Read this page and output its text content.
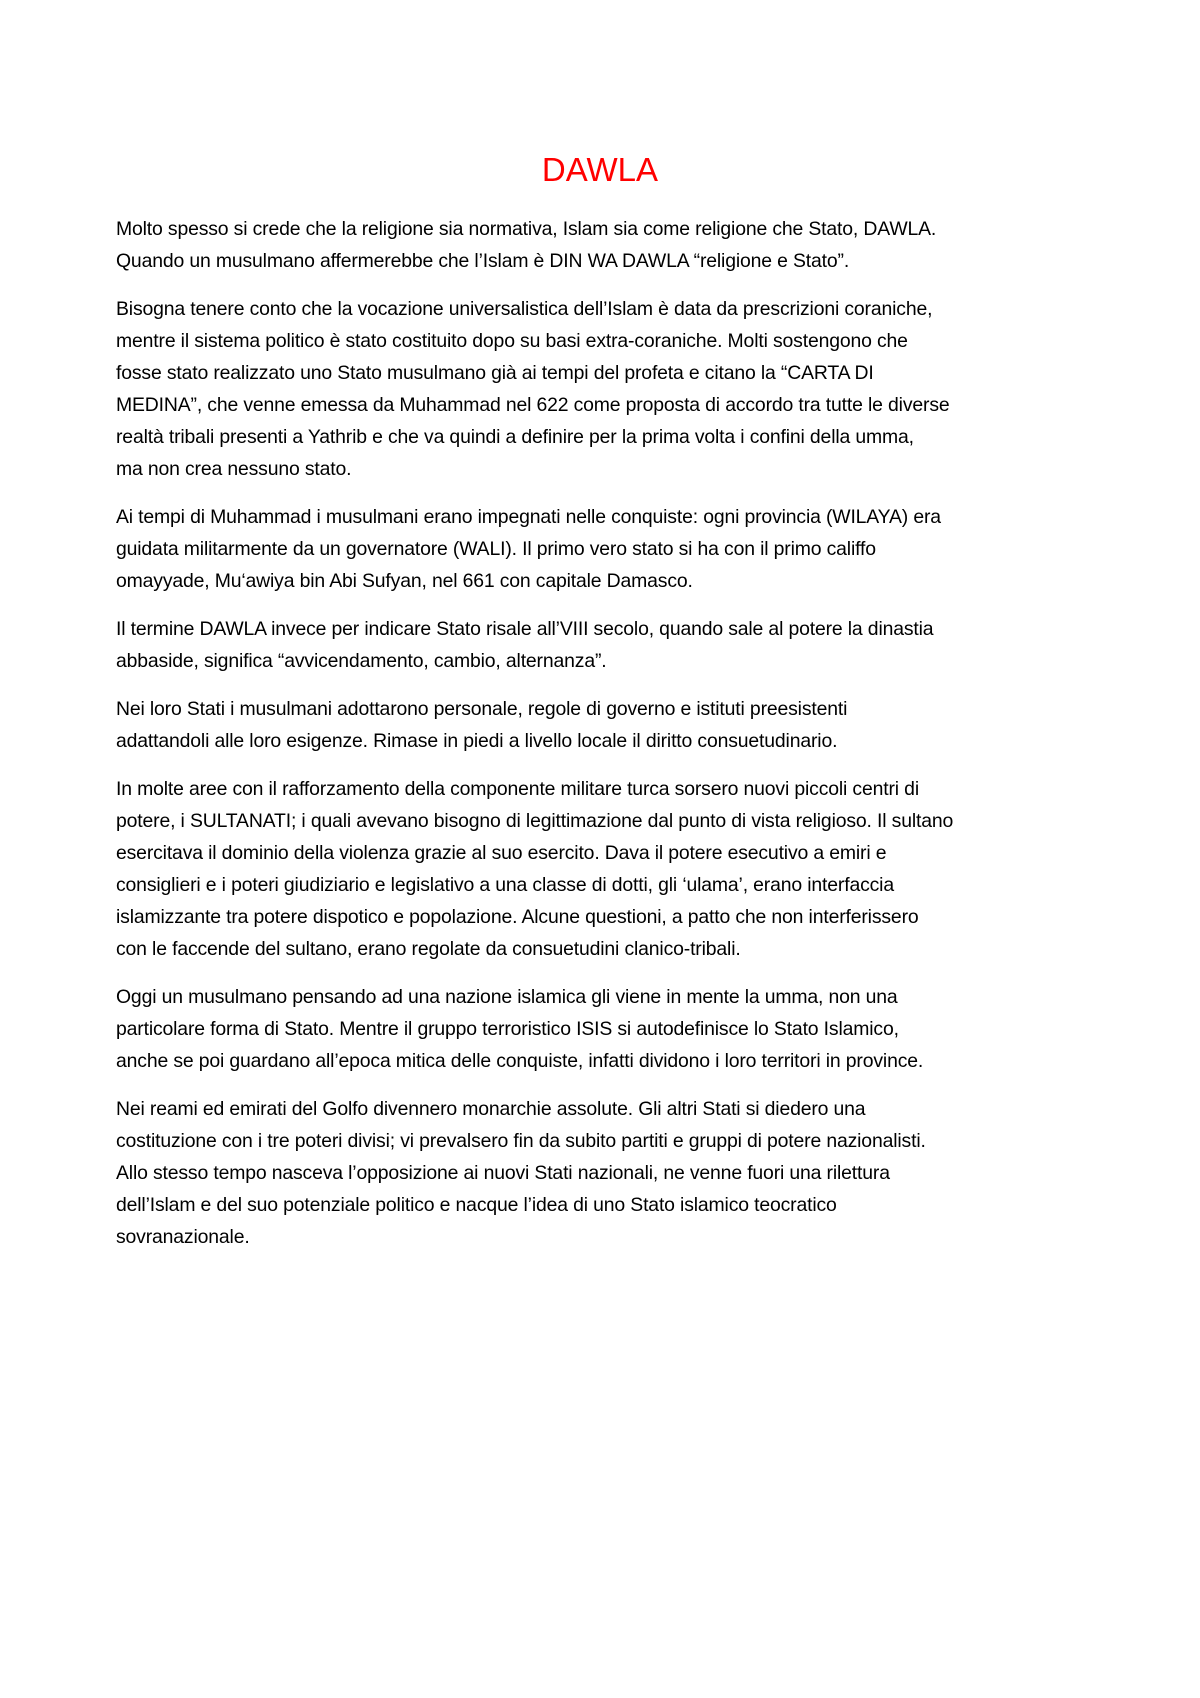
DAWLA
Molto spesso si crede che la religione sia normativa, Islam sia come religione che Stato, DAWLA.
Quando un musulmano affermerebbe che l’Islam è DIN WA DAWLA “religione e Stato”.
Bisogna tenere conto che la vocazione universalistica dell’Islam è data da prescrizioni coraniche,
mentre il sistema politico è stato costituito dopo su basi extra-coraniche. Molti sostengono che
fosse stato realizzato uno Stato musulmano già ai tempi del profeta e citano la “CARTA DI
MEDINA”, che venne emessa da Muhammad nel 622 come proposta di accordo tra tutte le diverse
realtà tribali presenti a Yathrib e che va quindi a definire per la prima volta i confini della umma,
ma non crea nessuno stato.
Ai tempi di Muhammad i musulmani erano impegnati nelle conquiste: ogni provincia (WILAYA) era
guidata militarmente da un governatore (WALI). Il primo vero stato si ha con il primo califfo
omayyade, Mu‘awiya bin Abi Sufyan, nel 661 con capitale Damasco.
Il termine DAWLA invece per indicare Stato risale all’VIII secolo, quando sale al potere la dinastia
abbaside, significa “avvicendamento, cambio, alternanza”.
Nei loro Stati i musulmani adottarono personale, regole di governo e istituti preesistenti
adattandoli alle loro esigenze. Rimase in piedi a livello locale il diritto consuetudinario.
In molte aree con il rafforzamento della componente militare turca sorsero nuovi piccoli centri di
potere, i SULTANATI; i quali avevano bisogno di legittimazione dal punto di vista religioso. Il sultano
esercitava il dominio della violenza grazie al suo esercito. Dava il potere esecutivo a emiri e
consiglieri e i poteri giudiziario e legislativo a una classe di dotti, gli ‘ulama’, erano interfaccia
islamizzante tra potere dispotico e popolazione. Alcune questioni, a patto che non interferissero
con le faccende del sultano, erano regolate da consuetudini clanico-tribali.
Oggi un musulmano pensando ad una nazione islamica gli viene in mente la umma, non una
particolare forma di Stato. Mentre il gruppo terroristico ISIS si autodefinisce lo Stato Islamico,
anche se poi guardano all’epoca mitica delle conquiste, infatti dividono i loro territori in province.
Nei reami ed emirati del Golfo divennero monarchie assolute. Gli altri Stati si diedero una
costituzione con i tre poteri divisi; vi prevalsero fin da subito partiti e gruppi di potere nazionalisti.
Allo stesso tempo nasceva l’opposizione ai nuovi Stati nazionali, ne venne fuori una rilettura
dell’Islam e del suo potenziale politico e nacque l’idea di uno Stato islamico teocratico
sovranazionale.
